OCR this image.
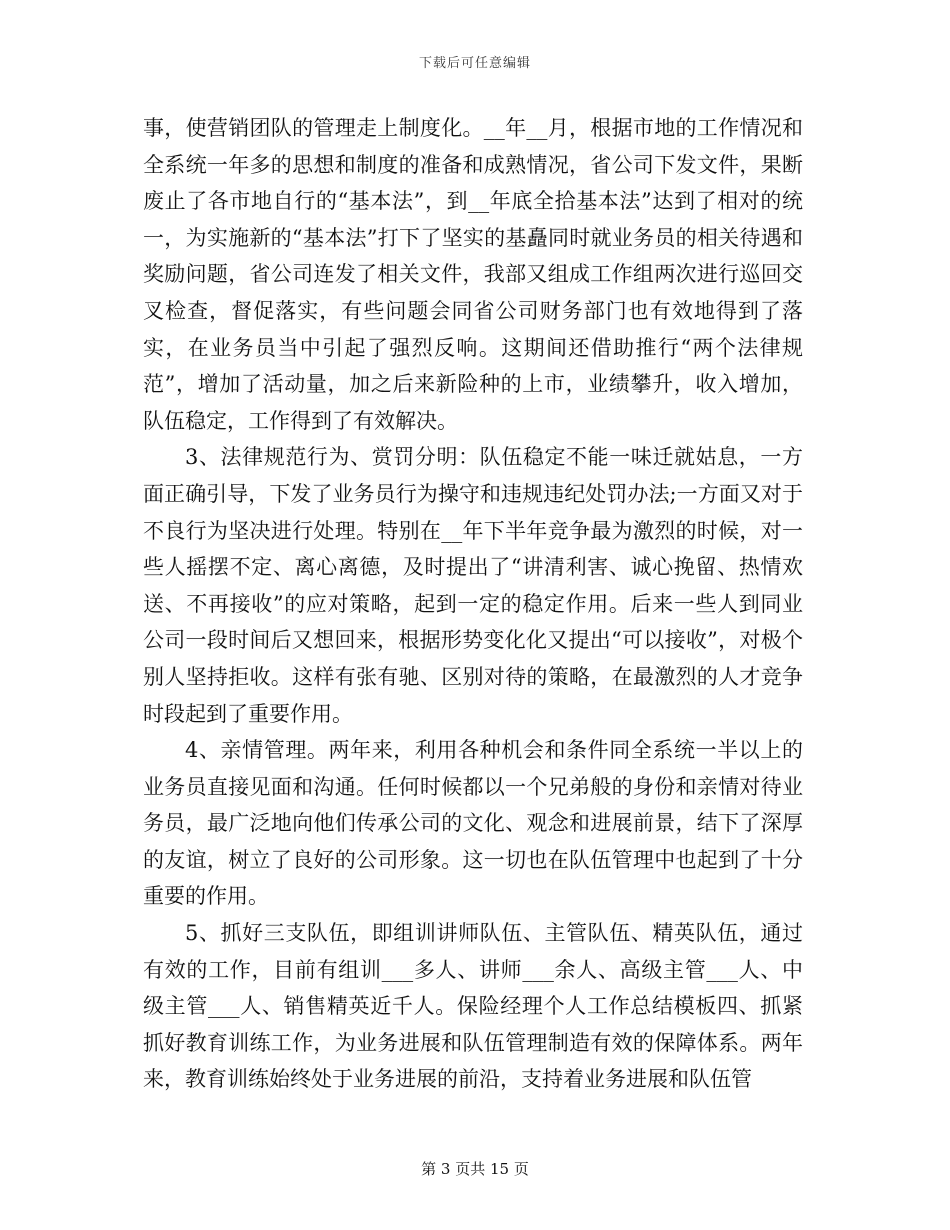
下载后可任意编辑

事，使营销团队的管理走上制度化。__年__月，根据市地的工作情况和全系统一年多的思想和制度的准备和成熟情况，省公司下发文件，果断废止了各市地自行的“基本法”，到__年底全拾基本法”达到了相对的统一，为实施新的“基本法”打下了坚实的基矗同时就业务员的相关待遇和奖励问题，省公司连发了相关文件，我部又组成工作组两次进行巡回交叉检查，督促落实，有些问题会同省公司财务部门也有效地得到了落实，在业务员当中引起了强烈反响。这期间还借助推行“两个法律规范”，增加了活动量，加之后来新险种的上市，业绩攀升，收入增加，队伍稳定，工作得到了有效解决。

3、法律规范行为、赏罚分明：队伍稳定不能一味迁就姑息，一方面正确引导，下发了业务员行为操守和违规违纪处罚办法;一方面又对于不良行为坚决进行处理。特别在__年下半年竞争最为激烈的时候，对一些人摇摆不定、离心离德，及时提出了“讲清利害、诚心挽留、热情欢送、不再接收”的应对策略，起到一定的稳定作用。后来一些人到同业公司一段时间后又想回来，根据形势变化化又提出“可以接收”，对极个别人坚持拒收。这样有张有驰、区别对待的策略，在最激烈的人才竞争时段起到了重要作用。

4、亲情管理。两年来，利用各种机会和条件同全系统一半以上的业务员直接见面和沟通。任何时候都以一个兄弟般的身份和亲情对待业务员，最广泛地向他们传承公司的文化、观念和进展前景，结下了深厚的友谊，树立了良好的公司形象。这一切也在队伍管理中也起到了十分重要的作用。

5、抓好三支队伍，即组训讲师队伍、主管队伍、精英队伍，通过有效的工作，目前有组训___多人、讲师___余人、高级主管___人、中级主管___人、销售精英近千人。保险经理个人工作总结模板四、抓紧抓好教育训练工作，为业务进展和队伍管理制造有效的保障体系。两年来，教育训练始终处于业务进展的前沿，支持着业务进展和队伍管

第 3 页共 15 页
